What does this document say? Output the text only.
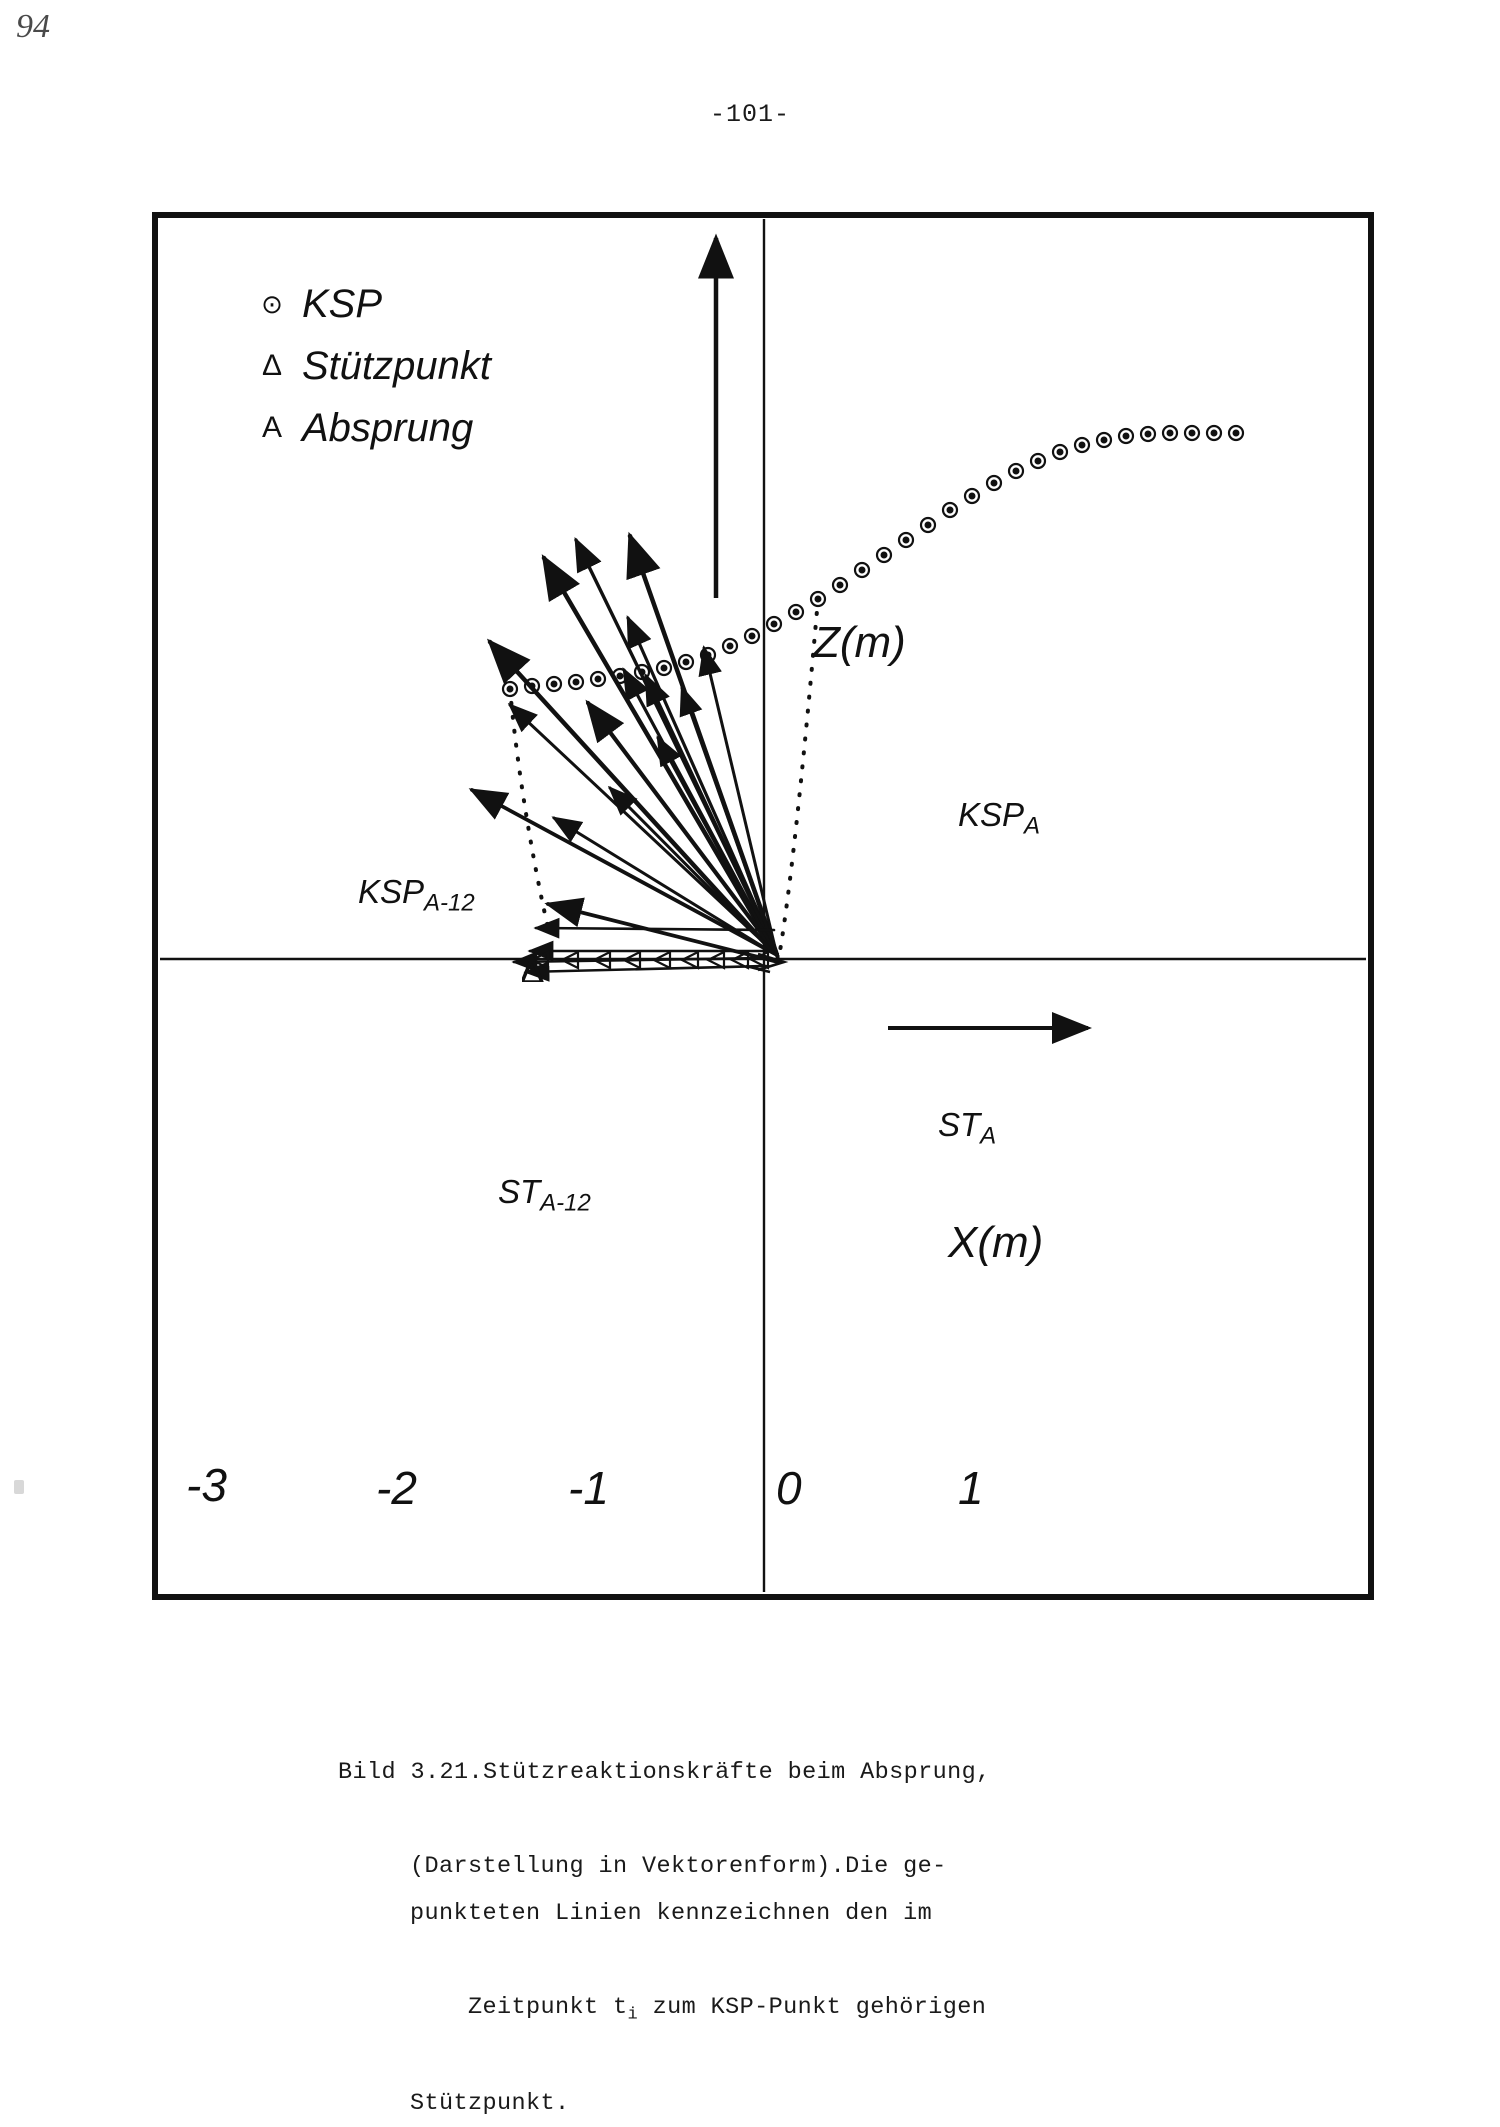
94
-101-
⊙ KSP
Δ Stützpunkt
A Absprung
Z(m)
X(m)
$KSP_A$
$KSP_{A-12}$
$ST_A$
$ST_{A-12}$
-3	-2	-1	0	1

Bild 3.21.Stützreaktionskräfte beim Absprung,

(Darstellung in Vektorenform).Die ge-
punkteten Linien kennzeichnen den im

Zeitpunkt $t_i$ zum KSP-Punkt gehörigen

Stützpunkt.
